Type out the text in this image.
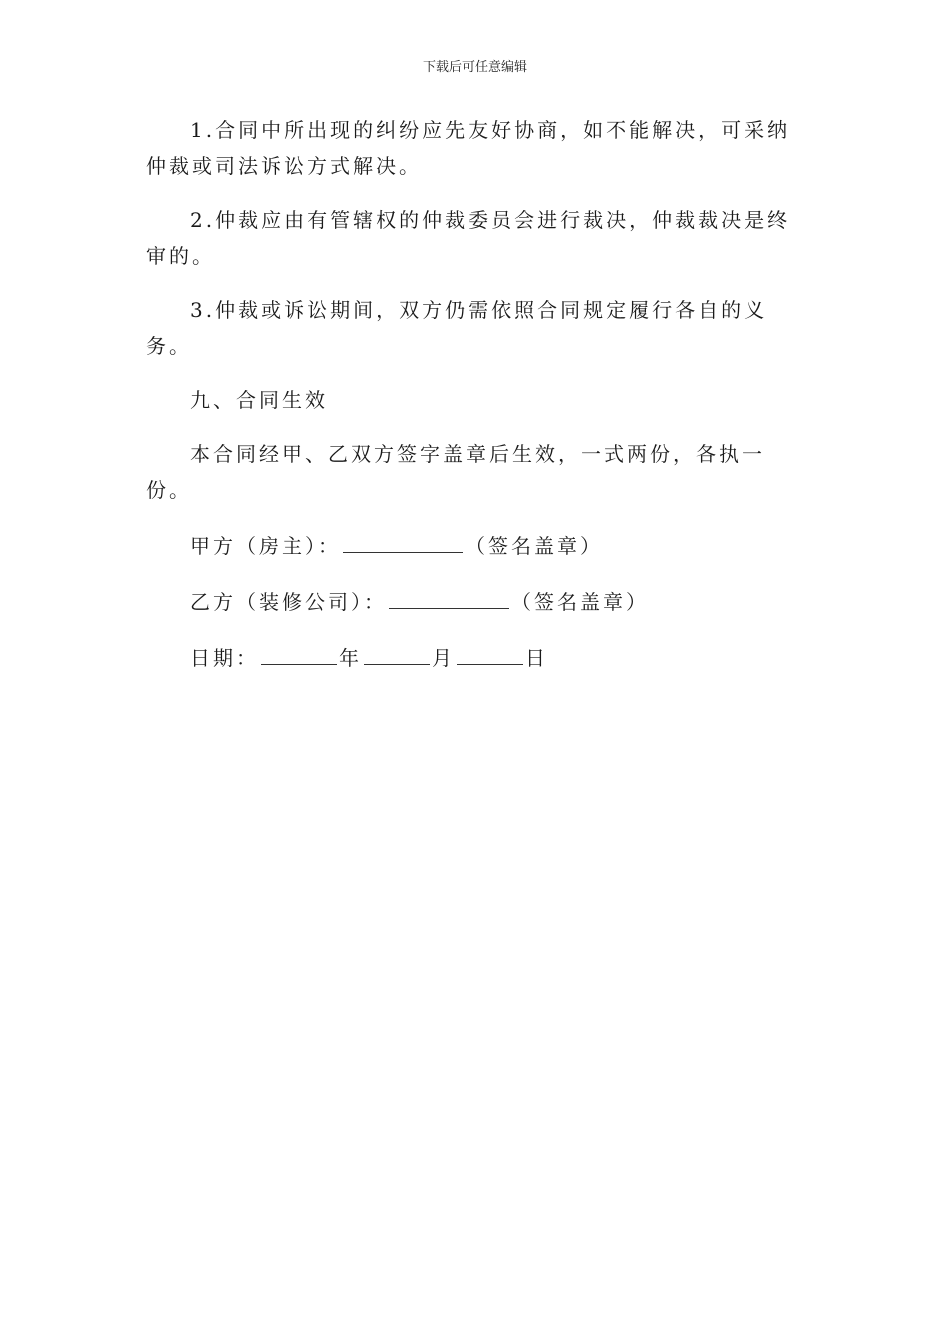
下载后可任意编辑

1.合同中所出现的纠纷应先友好协商，如不能解决，可采纳仲裁或司法诉讼方式解决。

2.仲裁应由有管辖权的仲裁委员会进行裁决，仲裁裁决是终审的。

3.仲裁或诉讼期间，双方仍需依照合同规定履行各自的义务。

九、合同生效

本合同经甲、乙双方签字盖章后生效，一式两份，各执一份。

甲方（房主）：	（签名盖章）
乙方（装修公司）：	（签名盖章）
日期：	年	月	日
